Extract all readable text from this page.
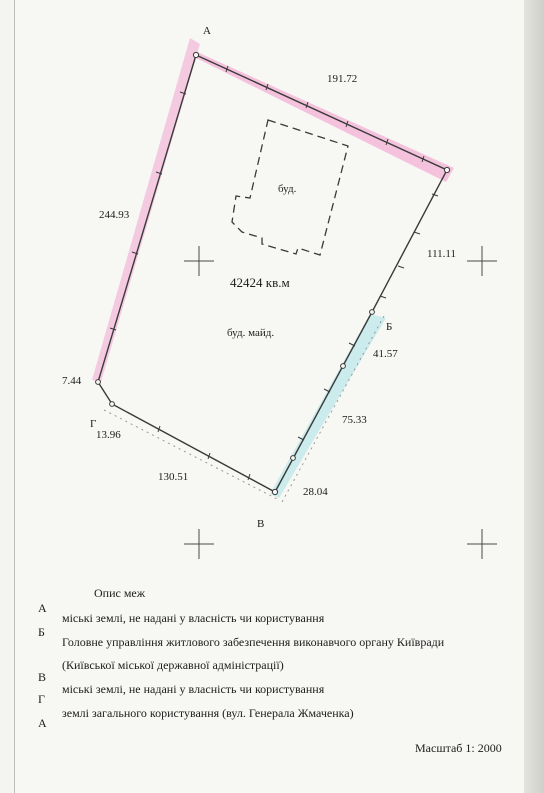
А
Б
В
Г
191.72
111.11
41.57
75.33
28.04
130.51
13.96
7.44
244.93
буд.
42424 кв.м
буд. майд.
Опис меж
А
Б
В
Г
А
міські землі, не надані у власність чи користування
Головне управління житлового забезпечення виконавчого органу Київради
(Київської міської державної адміністрації)
міські землі, не надані у власність чи користування
землі загального користування (вул. Генерала Жмаченка)
Масштаб 1: 2000
